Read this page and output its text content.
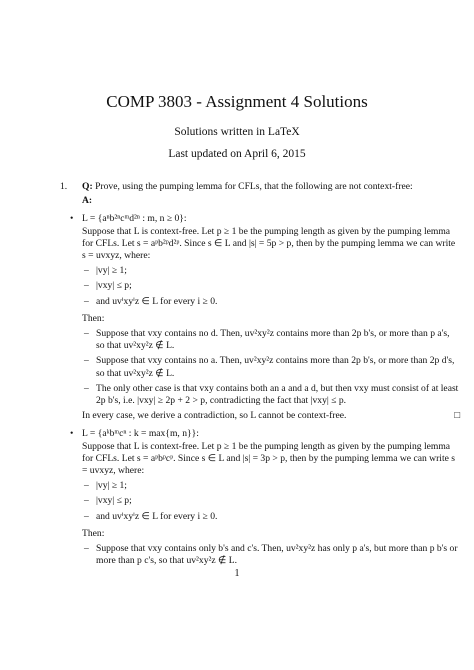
COMP 3803 - Assignment 4 Solutions
Solutions written in LaTeX
Last updated on April 6, 2015
1. Q: Prove, using the pumping lemma for CFLs, that the following are not context-free:
A:
• L = {aⁿb²ⁿcᵐd²ⁿ : m, n ≥ 0}:
Suppose that L is context-free. Let p ≥ 1 be the pumping length as given by the pumping lemma for CFLs. Let s = aᵖb²ᵖd²ᵖ. Since s ∈ L and |s| = 5p > p, then by the pumping lemma we can write s = uvxyz, where:
– |vy| ≥ 1;
– |vxy| ≤ p;
– and uvⁱxyⁱz ∈ L for every i ≥ 0.
Then:
– Suppose that vxy contains no d. Then, uv²xy²z contains more than 2p b's, or more than p a's, so that uv²xy²z ∉ L.
– Suppose that vxy contains no a. Then, uv²xy²z contains more than 2p b's, or more than 2p d's, so that uv²xy²z ∉ L.
– The only other case is that vxy contains both an a and a d, but then vxy must consist of at least 2p b's, i.e. |vxy| ≥ 2p + 2 > p, contradicting the fact that |vxy| ≤ p.
In every case, we derive a contradiction, so L cannot be context-free.	□
• L = {aᵏbᵐcⁿ : k = max{m, n}}:
Suppose that L is context-free. Let p ≥ 1 be the pumping length as given by the pumping lemma for CFLs. Let s = aᵖbᵖcᵖ. Since s ∈ L and |s| = 3p > p, then by the pumping lemma we can write s = uvxyz, where:
– |vy| ≥ 1;
– |vxy| ≤ p;
– and uvⁱxyⁱz ∈ L for every i ≥ 0.
Then:
– Suppose that vxy contains only b's and c's. Then, uv²xy²z has only p a's, but more than p b's or more than p c's, so that uv²xy²z ∉ L.
1
